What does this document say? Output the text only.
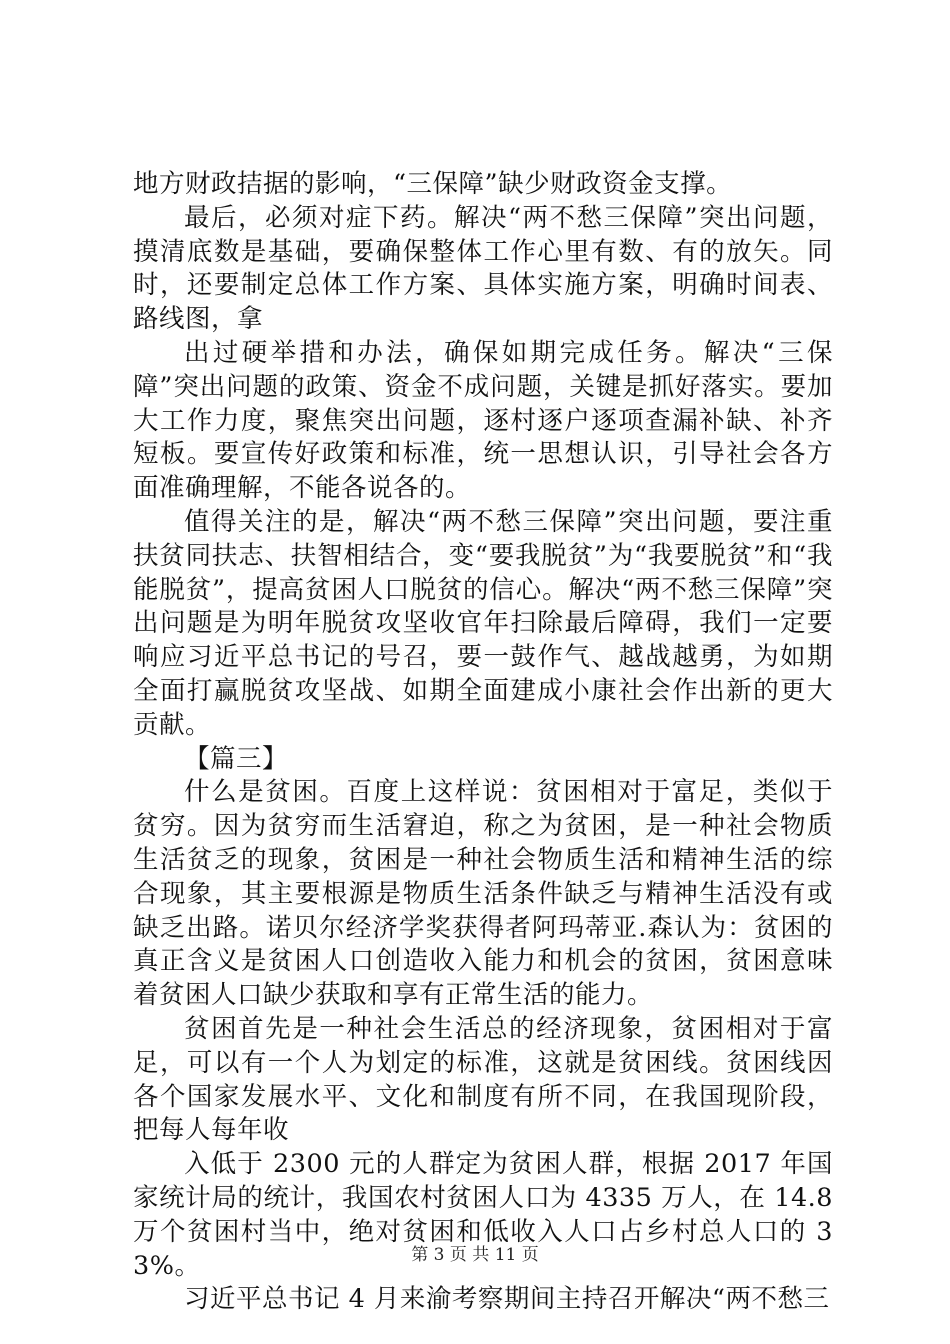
地方财政拮据的影响，“三保障”缺少财政资金支撑。

最后，必须对症下药。解决“两不愁三保障”突出问题，摸清底数是基础，要确保整体工作心里有数、有的放矢。同时，还要制定总体工作方案、具体实施方案，明确时间表、路线图，拿

出过硬举措和办法，确保如期完成任务。解决“三保障”突出问题的政策、资金不成问题，关键是抓好落实。要加大工作力度，聚焦突出问题，逐村逐户逐项查漏补缺、补齐短板。要宣传好政策和标准，统一思想认识，引导社会各方面准确理解，不能各说各的。

值得关注的是，解决“两不愁三保障”突出问题，要注重扶贫同扶志、扶智相结合，变“要我脱贫”为“我要脱贫”和“我能脱贫”，提高贫困人口脱贫的信心。解决“两不愁三保障”突出问题是为明年脱贫攻坚收官年扫除最后障碍，我们一定要响应习近平总书记的号召，要一鼓作气、越战越勇，为如期全面打赢脱贫攻坚战、如期全面建成小康社会作出新的更大贡献。

【篇三】

什么是贫困。百度上这样说：贫困相对于富足，类似于贫穷。因为贫穷而生活窘迫，称之为贫困，是一种社会物质生活贫乏的现象，贫困是一种社会物质生活和精神生活的综合现象，其主要根源是物质生活条件缺乏与精神生活没有或缺乏出路。诺贝尔经济学奖获得者阿玛蒂亚.森认为：贫困的真正含义是贫困人口创造收入能力和机会的贫困，贫困意味着贫困人口缺少获取和享有正常生活的能力。

贫困首先是一种社会生活总的经济现象，贫困相对于富足，可以有一个人为划定的标准，这就是贫困线。贫困线因各个国家发展水平、文化和制度有所不同，在我国现阶段，把每人每年收

入低于 2300 元的人群定为贫困人群，根据 2017 年国家统计局的统计，我国农村贫困人口为 4335 万人，在 14.8 万个贫困村当中，绝对贫困和低收入人口占乡村总人口的 33%。

习近平总书记 4 月来渝考察期间主持召开解决“两不愁三

第 3 页 共 11 页
